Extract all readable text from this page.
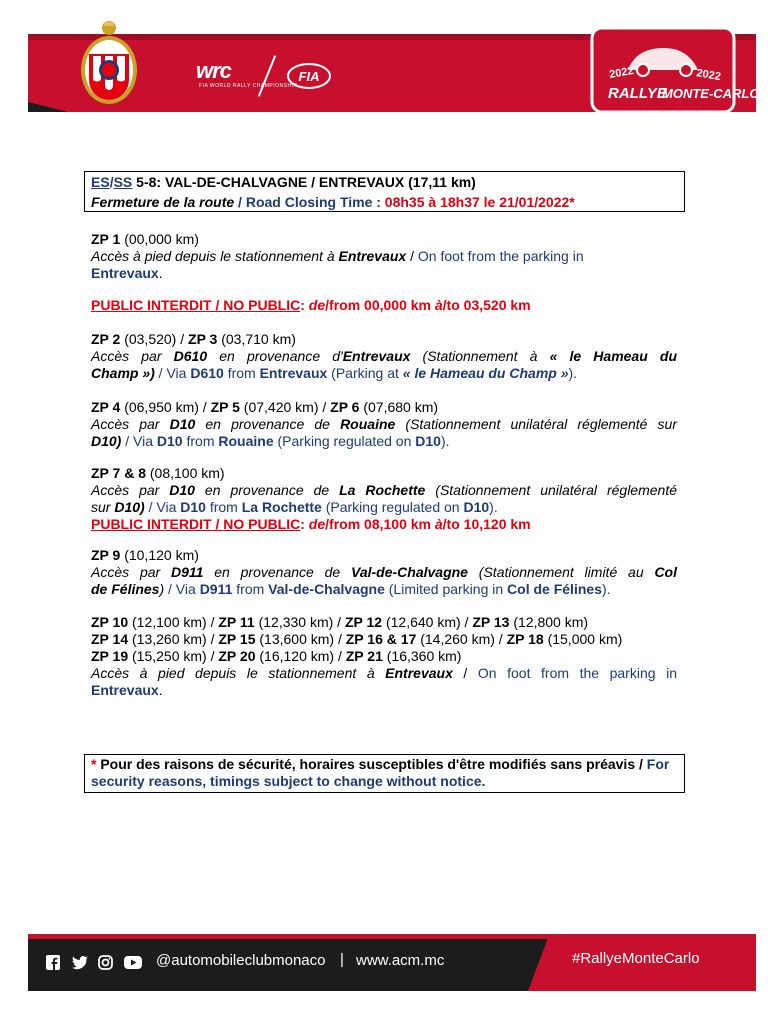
wrc
FIA WORLD RALLY CHAMPIONSHIP
FIA	2022	2022
RALLYE
MONTE-CARLO
ES/SS 5-8: VAL-DE-CHALVAGNE / ENTREVAUX (17,11 km)
Fermeture de la route / Road Closing Time : 08h35 à 18h37 le 21/01/2022*
ZP 1 (00,000 km)
Accès à pied depuis le stationnement à Entrevaux / On foot from the parking in
Entrevaux.
PUBLIC INTERDIT / NO PUBLIC: de/from 00,000 km à/to 03,520 km
ZP 2 (03,520) / ZP 3 (03,710 km)
Accès par D610 en provenance d'Entrevaux (Stationnement à « le Hameau du
Champ ») / Via D610 from Entrevaux (Parking at « le Hameau du Champ »).
ZP 4 (06,950 km) / ZP 5 (07,420 km) / ZP 6 (07,680 km)
Accès par D10 en provenance de Rouaine (Stationnement unilatéral réglementé sur
D10) / Via D10 from Rouaine (Parking regulated on D10).
ZP 7 & 8 (08,100 km)
Accès par D10 en provenance de La Rochette (Stationnement unilatéral réglementé
sur D10) / Via D10 from La Rochette (Parking regulated on D10).
PUBLIC INTERDIT / NO PUBLIC: de/from 08,100 km à/to 10,120 km
ZP 9 (10,120 km)
Accès par D911 en provenance de Val-de-Chalvagne (Stationnement limité au Col
de Félines) / Via D911 from Val-de-Chalvagne (Limited parking in Col de Félines).
ZP 10 (12,100 km) / ZP 11 (12,330 km) / ZP 12 (12,640 km) / ZP 13 (12,800 km)
ZP 14 (13,260 km) / ZP 15 (13,600 km) / ZP 16 & 17 (14,260 km) / ZP 18 (15,000 km)
ZP 19 (15,250 km) / ZP 20 (16,120 km) / ZP 21 (16,360 km)
Accès à pied depuis le stationnement à Entrevaux / On foot from the parking in
Entrevaux.
* Pour des raisons de sécurité, horaires susceptibles d'être modifiés sans préavis / For security reasons, timings subject to change without notice.
@automobileclubmonaco | www.acm.mc	#RallyeMonteCarlo
